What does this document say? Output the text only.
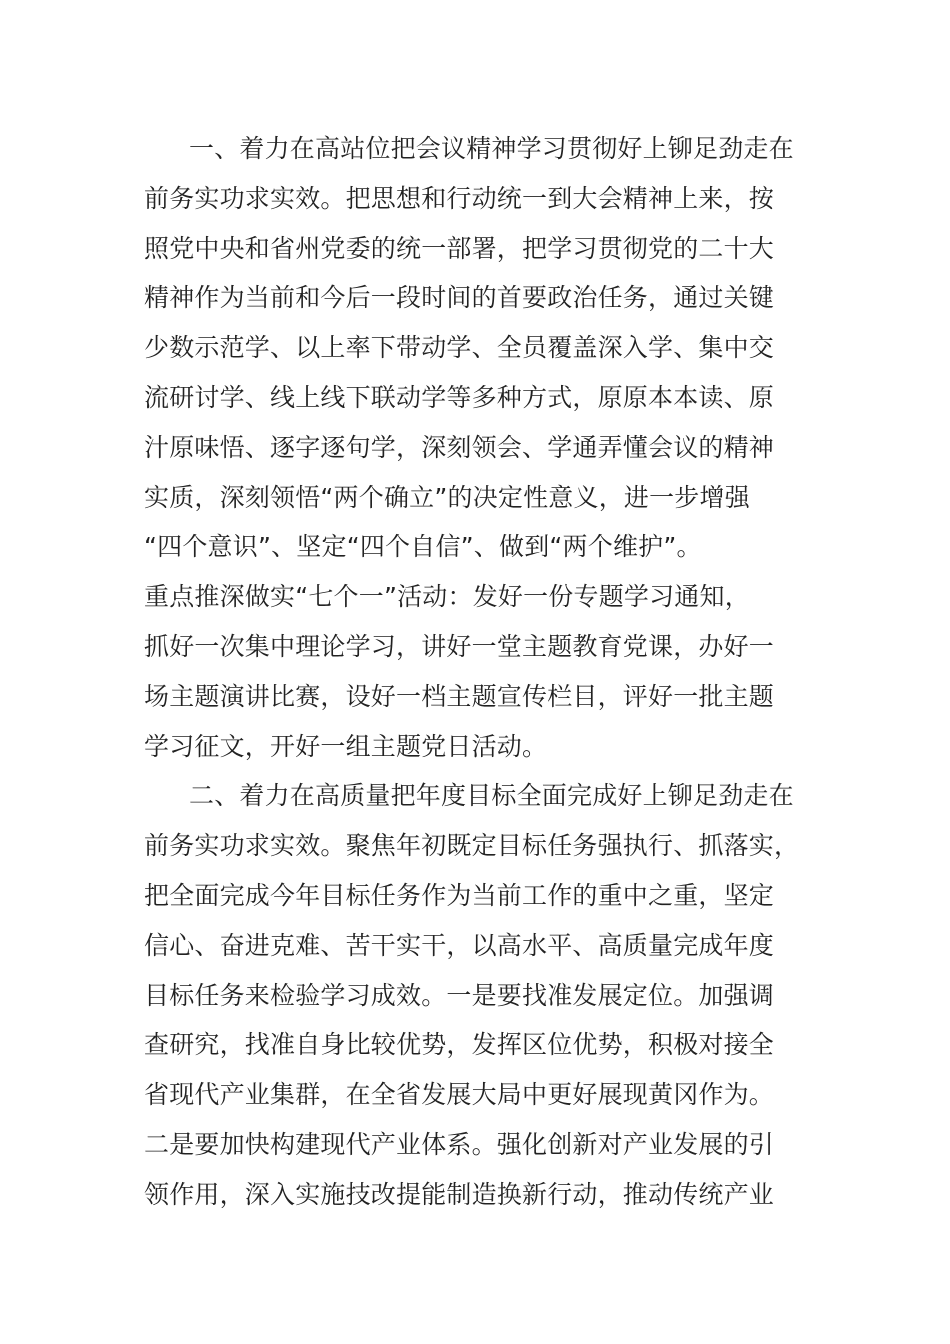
一、着力在高站位把会议精神学习贯彻好上铆足劲走在
前务实功求实效。把思想和行动统一到大会精神上来，按
照党中央和省州党委的统一部署，把学习贯彻党的二十大
精神作为当前和今后一段时间的首要政治任务，通过关键
少数示范学、以上率下带动学、全员覆盖深入学、集中交
流研讨学、线上线下联动学等多种方式，原原本本读、原
汁原味悟、逐字逐句学，深刻领会、学通弄懂会议的精神
实质，深刻领悟“两个确立”的决定性意义，进一步增强
“四个意识”、坚定“四个自信”、做到“两个维护”。
重点推深做实“七个一”活动：发好一份专题学习通知，
抓好一次集中理论学习，讲好一堂主题教育党课，办好一
场主题演讲比赛，设好一档主题宣传栏目，评好一批主题
学习征文，开好一组主题党日活动。
二、着力在高质量把年度目标全面完成好上铆足劲走在
前务实功求实效。聚焦年初既定目标任务强执行、抓落实，
把全面完成今年目标任务作为当前工作的重中之重，坚定
信心、奋进克难、苦干实干，以高水平、高质量完成年度
目标任务来检验学习成效。一是要找准发展定位。加强调
查研究，找准自身比较优势，发挥区位优势，积极对接全
省现代产业集群，在全省发展大局中更好展现黄冈作为。
二是要加快构建现代产业体系。强化创新对产业发展的引
领作用，深入实施技改提能制造换新行动，推动传统产业
